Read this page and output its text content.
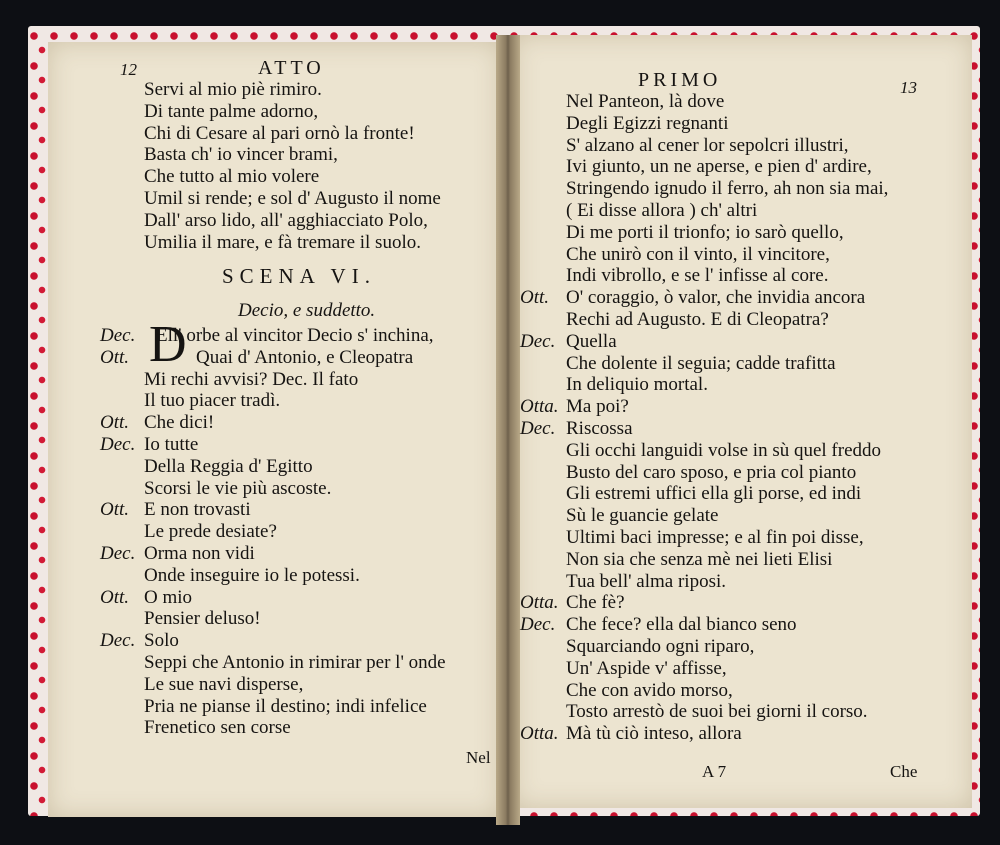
12	ATTO
Servi al mio piè rimiro.
Di tante palme adorno,
Chi di Cesare al pari ornò la fronte!
Basta ch' io vincer brami,
Che tutto al mio volere
Umil si rende; e sol d' Augusto il nome
Dall' arso lido, all' agghiacciato Polo,
Umilia il mare, e fà tremare il suolo.
SCENA VI.
Decio, e suddetto.
Dec. D
Ell' orbe al vincitor Decio s' inchina,
Ott.	Quai d' Antonio, e Cleopatra
Mi rechi avvisi? Dec. Il fato
Il tuo piacer tradì.
Ott. Che dici!
Dec. Io tutte
Della Reggia d' Egitto
Scorsi le vie più ascoste.
Ott. E non trovasti
Le prede desiate?
Dec. Orma non vidi
Onde inseguire io le potessi.
Ott. O mio
Pensier deluso!
Dec. Solo
Seppi che Antonio in rimirar per l' onde
Le sue navi disperse,
Pria ne pianse il destino; indi infelice
Frenetico sen corse
Nel
PRIMO	13
Nel Panteon, là dove
Degli Egizzi regnanti
S' alzano al cener lor sepolcri illustri,
Ivi giunto, un ne aperse, e pien d' ardire,
Stringendo ignudo il ferro, ah non sia mai,
( Ei disse allora ) ch' altri
Di me porti il trionfo; io sarò quello,
Che unirò con il vinto, il vincitore,
Indi vibrollo, e se l' infisse al core.
Ott. O' coraggio, ò valor, che invidia ancora
Rechi ad Augusto. E di Cleopatra?
Dec. Quella
Che dolente il seguia; cadde trafitta
In deliquio mortal.
Otta. Ma poi?
Dec. Riscossa
Gli occhi languidi volse in sù quel freddo
Busto del caro sposo, e pria col pianto
Gli estremi uffici ella gli porse, ed indi
Sù le guancie gelate
Ultimi baci impresse; e al fin poi disse,
Non sia che senza mè nei lieti Elisi
Tua bell' alma riposi.
Otta. Che fè?
Dec. Che fece? ella dal bianco seno
Squarciando ogni riparo,
Un' Aspide v' affisse,
Che con avido morso,
Tosto arrestò de suoi bei giorni il corso.
Otta. Mà tù ciò inteso, allora
A 7	Che
